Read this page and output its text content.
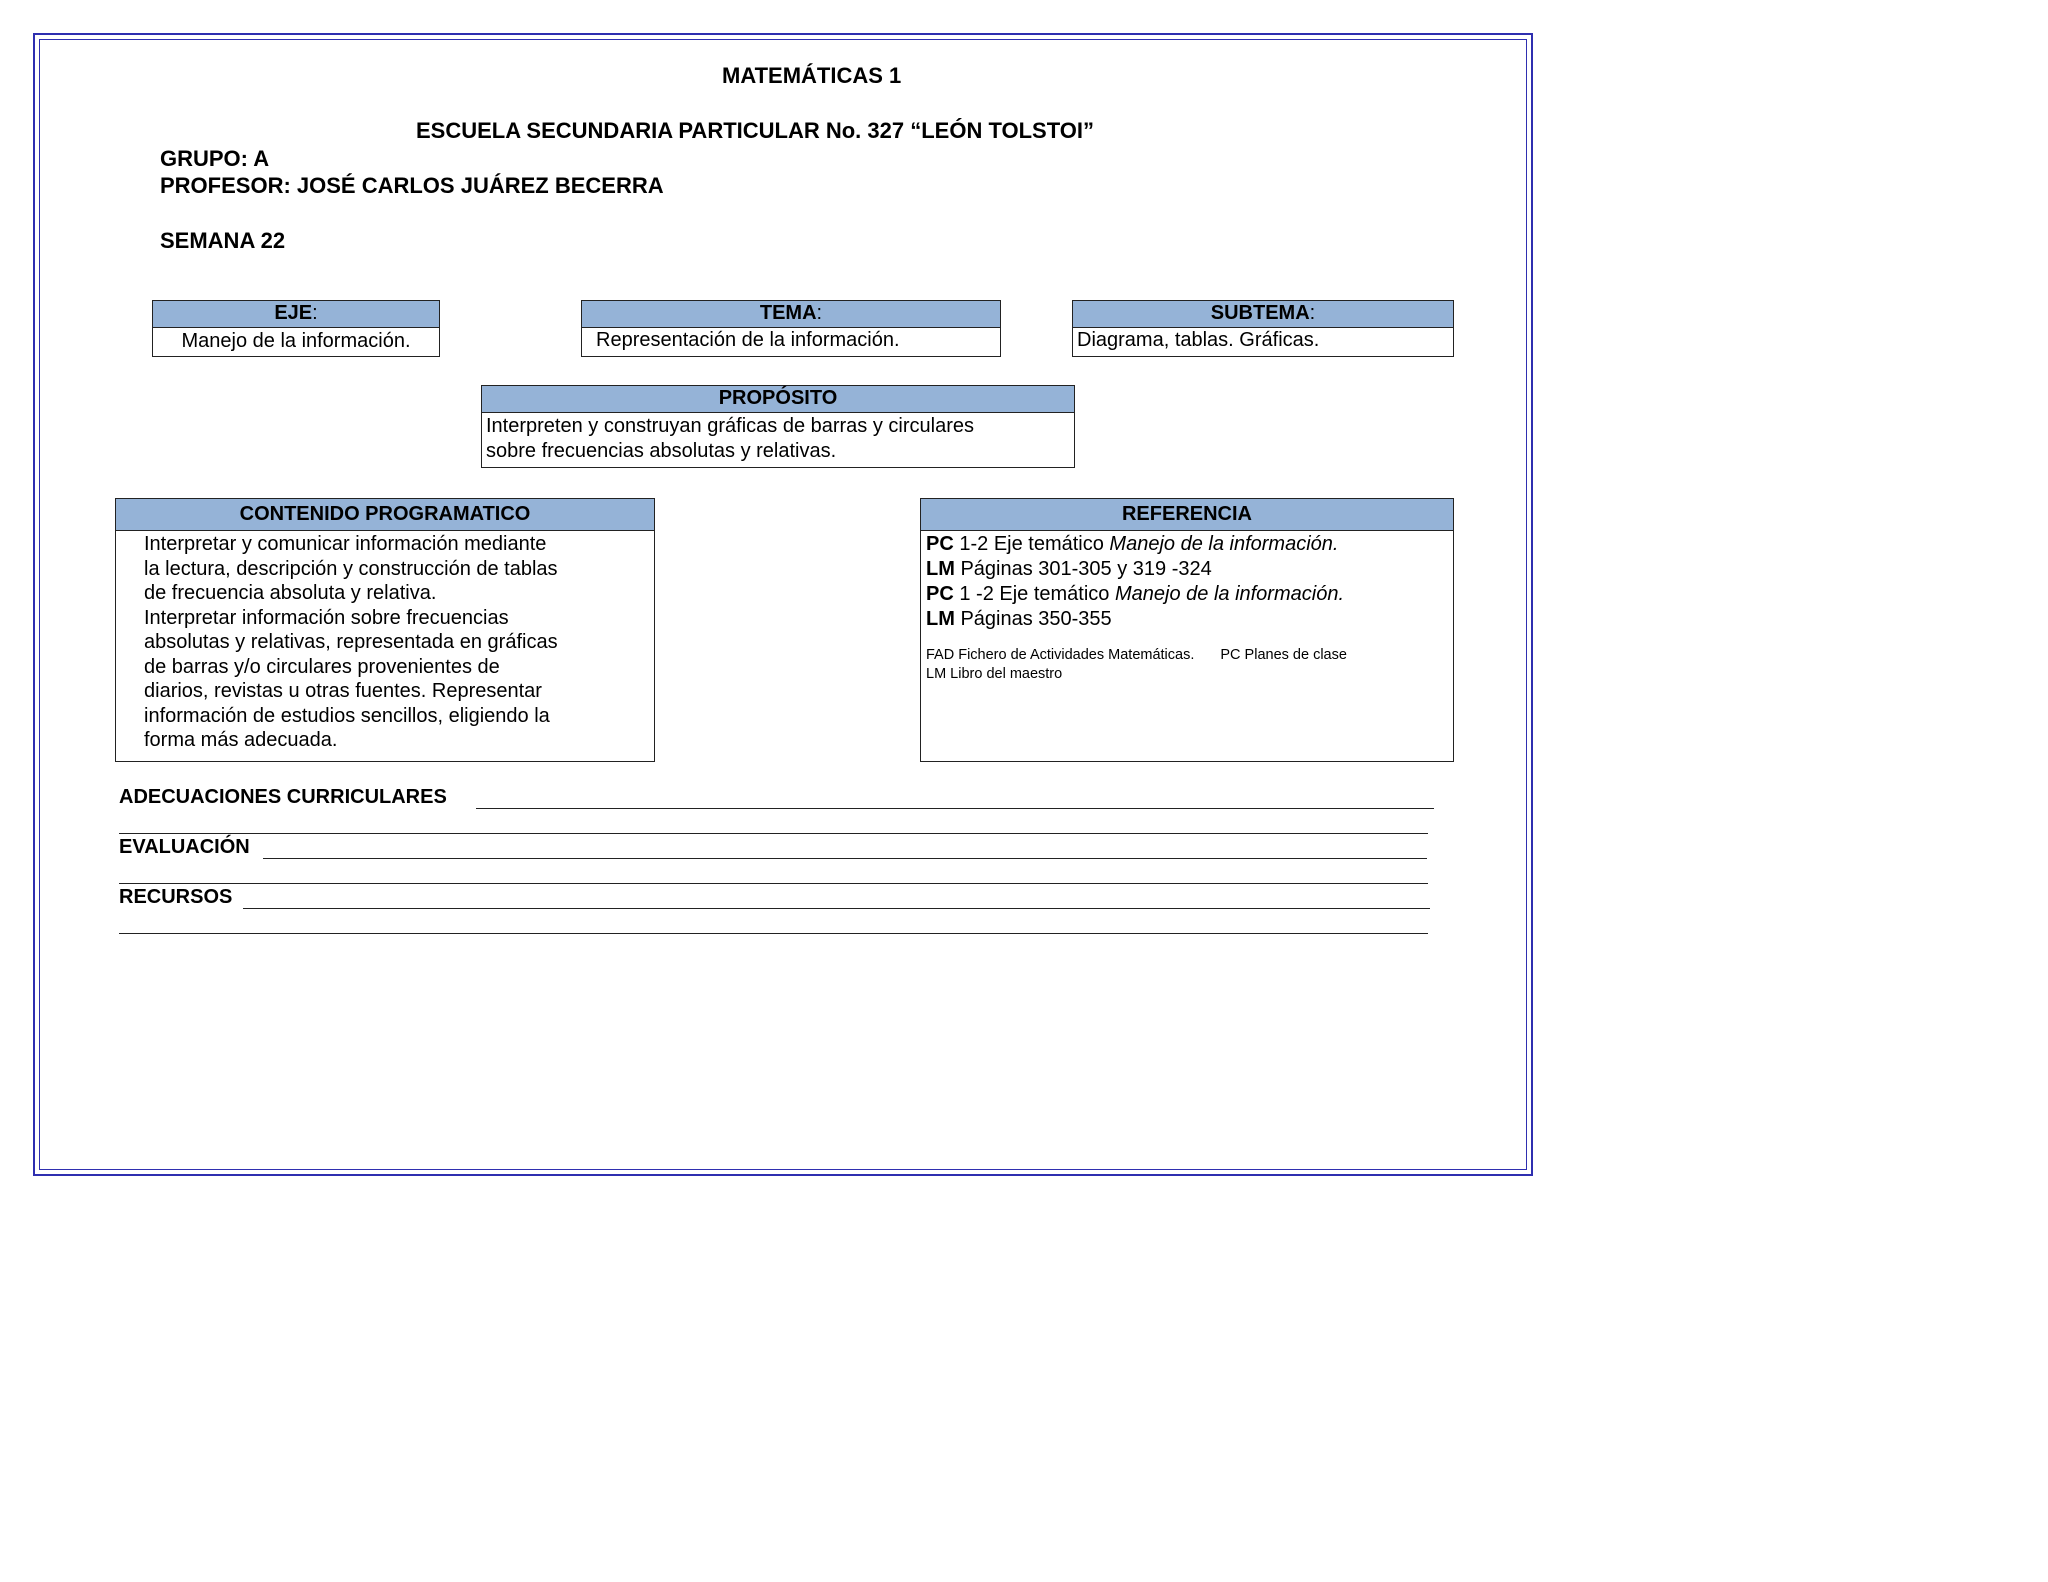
MATEMÁTICAS 1
ESCUELA SECUNDARIA PARTICULAR No. 327 “LEÓN TOLSTOI”
GRUPO: A
PROFESOR: JOSÉ CARLOS JUÁREZ BECERRA
SEMANA 22
EJE:
Manejo de la información.
TEMA:
Representación de la información.
SUBTEMA:
Diagrama, tablas. Gráficas.
PROPÓSITO
Interpreten y construyan gráficas de barras y circulares
sobre frecuencias absolutas y relativas.
CONTENIDO PROGRAMATICO
Interpretar y comunicar información mediante
la lectura, descripción y construcción de tablas
de frecuencia absoluta y relativa.
Interpretar información sobre frecuencias
absolutas y relativas, representada en gráficas
de barras y/o circulares provenientes de
diarios, revistas u otras fuentes. Representar
información de estudios sencillos, eligiendo la
forma más adecuada.
REFERENCIA
PC 1-2 Eje temático Manejo de la información.
LM Páginas 301-305 y 319 -324
PC 1 -2 Eje temático Manejo de la información.
LM Páginas 350-355
FAD Fichero de Actividades Matemáticas. PC Planes de clase
LM Libro del maestro
ADECUACIONES CURRICULARES
EVALUACIÓN
RECURSOS
